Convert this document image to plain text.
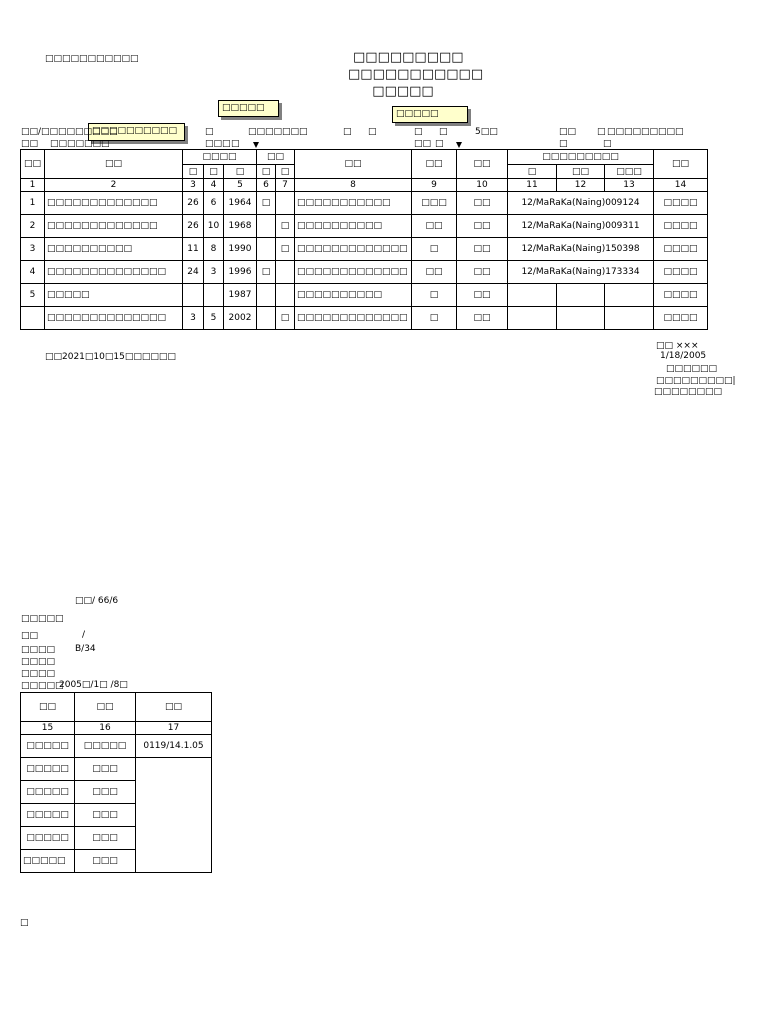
□□□□□□□□□□□	□□□□□□□□□
□□□□□□□□□□□
□□□□□
□□□□□
□□□□□
□□□□□□□□□□
□□/□□□□□□□□□	□	□□□□□□□	□ □	□ □	5□□	□□ □ □□□□□□□□□
□□ □□□□□□□	□□□ □	□□ □	□	□
□□	□□	□□□□			□□		□□	□□	□□	□□□□□□□□□			□□
		□	□	□	□	□				□	□□	□□□	
1	2	3	4	5	6	7	8	9	10	11	12	13	14
1	□□□□□□□□□□□□□	26	6	1964	□		□□□□□□□□□□□	□□□	□□	12/MaRaKa(Naing)009124			□□□□
2	□□□□□□□□□□□□□	26	10	1968		□	□□□□□□□□□□	□□	□□	12/MaRaKa(Naing)009311			□□□□
3	□□□□□□□□□□	11	8	1990		□	□□□□□□□□□□□□□	□	□□	12/MaRaKa(Naing)150398			□□□□
4	□□□□□□□□□□□□□□	24	3	1996	□		□□□□□□□□□□□□□	□□	□□	12/MaRaKa(Naing)173334			□□□□
5	□□□□□			1987			□□□□□□□□□□	□	□□				□□□□
	□□□□□□□□□□□□□□	3	5	2002		□	□□□□□□□□□□□□□	□	□□				□□□□
□□2021□10□15□□□□□□
□□ ×××
1/18/2005
□□□□□□
□□□□□□□□□|
□□□□□□□□
□□ / 66/6
□□□□□
□□	/
□□□□ B/34
□□□□
□□□□
□□□□□
2005□/1□ /8□
□□	□□	□□
15	16	17
□□□□□	□□□□□	0119/14.1.05
□□□□□	□□□	
□□□□□	□□□	
□□□□□	□□□	
□□□□□	□□□	
□□□□□	□□□	
□
